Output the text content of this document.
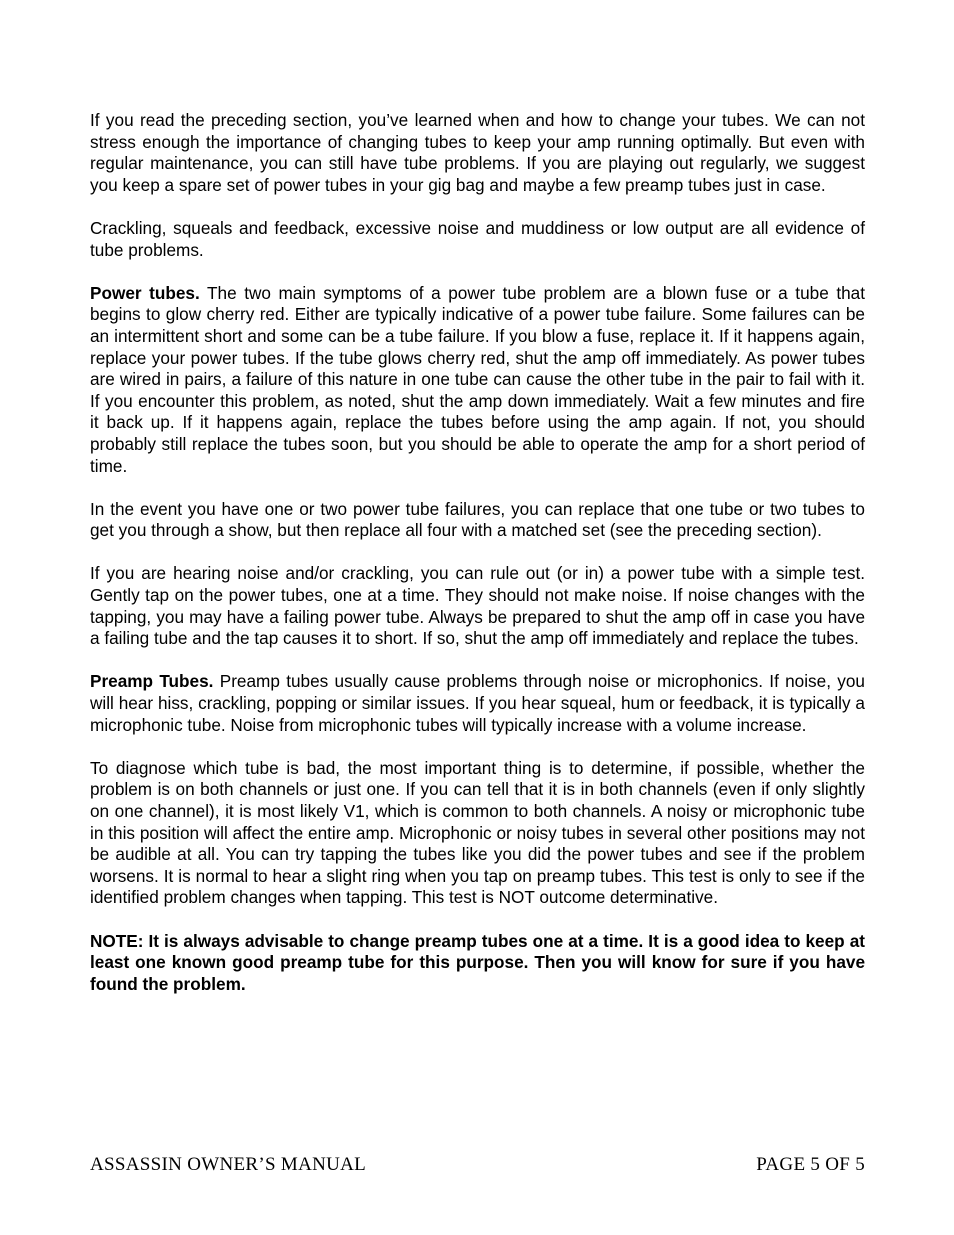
If you read the preceding section, you’ve learned when and how to change your tubes. We can not stress enough the importance of changing tubes to keep your amp running optimally. But even with regular maintenance, you can still have tube problems. If you are playing out regularly, we suggest you keep a spare set of power tubes in your gig bag and maybe a few preamp tubes just in case.

Crackling, squeals and feedback, excessive noise and muddiness or low output are all evidence of tube problems.

Power tubes. The two main symptoms of a power tube problem are a blown fuse or a tube that begins to glow cherry red. Either are typically indicative of a power tube failure. Some failures can be an intermittent short and some can be a tube failure. If you blow a fuse, replace it. If it happens again, replace your power tubes. If the tube glows cherry red, shut the amp off immediately. As power tubes are wired in pairs, a failure of this nature in one tube can cause the other tube in the pair to fail with it. If you encounter this problem, as noted, shut the amp down immediately. Wait a few minutes and fire it back up. If it happens again, replace the tubes before using the amp again. If not, you should probably still replace the tubes soon, but you should be able to operate the amp for a short period of time.

In the event you have one or two power tube failures, you can replace that one tube or two tubes to get you through a show, but then replace all four with a matched set (see the preceding section).

If you are hearing noise and/or crackling, you can rule out (or in) a power tube with a simple test. Gently tap on the power tubes, one at a time. They should not make noise. If noise changes with the tapping, you may have a failing power tube. Always be prepared to shut the amp off in case you have a failing tube and the tap causes it to short. If so, shut the amp off immediately and replace the tubes.

Preamp Tubes. Preamp tubes usually cause problems through noise or microphonics. If noise, you will hear hiss, crackling, popping or similar issues. If you hear squeal, hum or feedback, it is typically a microphonic tube. Noise from microphonic tubes will typically increase with a volume increase.

To diagnose which tube is bad, the most important thing is to determine, if possible, whether the problem is on both channels or just one. If you can tell that it is in both channels (even if only slightly on one channel), it is most likely V1, which is common to both channels. A noisy or microphonic tube in this position will affect the entire amp. Microphonic or noisy tubes in several other positions may not be audible at all. You can try tapping the tubes like you did the power tubes and see if the problem worsens. It is normal to hear a slight ring when you tap on preamp tubes. This test is only to see if the identified problem changes when tapping. This test is NOT outcome determinative.

NOTE: It is always advisable to change preamp tubes one at a time. It is a good idea to keep at least one known good preamp tube for this purpose. Then you will know for sure if you have found the problem.

ASSASSIN OWNER’S MANUAL	PAGE 5 OF 5
